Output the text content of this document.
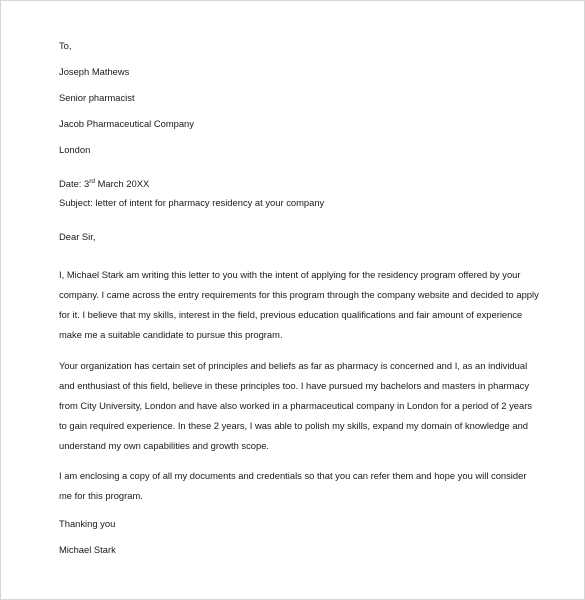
To,
Joseph Mathews
Senior pharmacist
Jacob Pharmaceutical Company
London
Date: 3rd March 20XX
Subject: letter of intent for pharmacy residency at your company
Dear Sir,
I, Michael Stark am writing this letter to you with the intent of applying for the residency program offered by your
company. I came across the entry requirements for this program through the company website and decided to apply
for it. I believe that my skills, interest in the field, previous education qualifications and fair amount of experience
make me a suitable candidate to pursue this program.
Your organization has certain set of principles and beliefs as far as pharmacy is concerned and I, as an individual
and enthusiast of this field, believe in these principles too. I have pursued my bachelors and masters in pharmacy
from City University, London and have also worked in a pharmaceutical company in London for a period of 2 years
to gain required experience. In these 2 years, I was able to polish my skills, expand my domain of knowledge and
understand my own capabilities and growth scope.
I am enclosing a copy of all my documents and credentials so that you can refer them and hope you will consider
me for this program.
Thanking you
Michael Stark
